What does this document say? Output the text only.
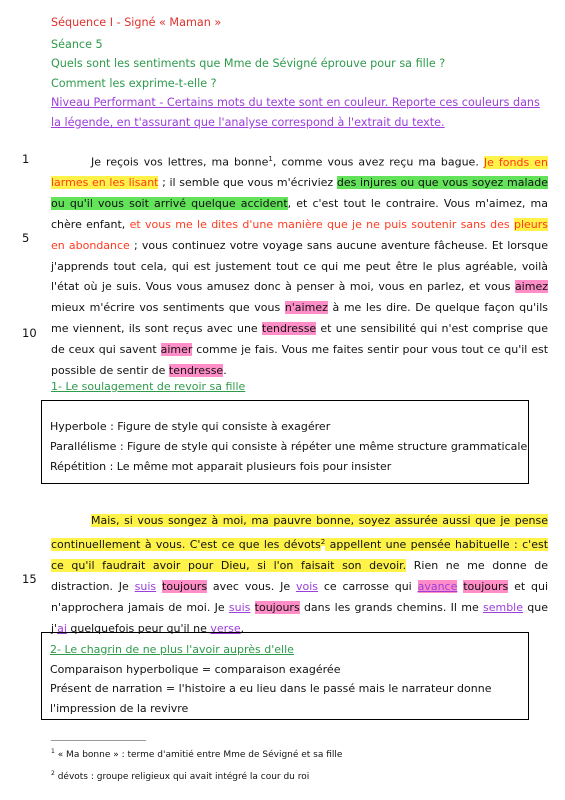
Séquence I - Signé « Maman »
Séance 5
Quels sont les sentiments que Mme de Sévigné éprouve pour sa fille ?
Comment les exprime-t-elle ?
Niveau Performant - Certains mots du texte sont en couleur. Reporte ces couleurs dans
la légende, en t'assurant que l'analyse correspond à l'extrait du texte.
1
5
10
15

Je reçois vos lettres, ma bonne$^1$, comme vous avez reçu ma bague. Je fonds en larmes en les lisant ; il semble que vous m'écriviez des injures ou que vous soyez malade ou qu'il vous soit arrivé quelque accident, et c'est tout le contraire. Vous m'aimez, ma chère enfant, et vous me le dites d'une manière que je ne puis soutenir sans des pleurs en abondance ; vous continuez votre voyage sans aucune aventure fâcheuse. Et lorsque j'apprends tout cela, qui est justement tout ce qui me peut être le plus agréable, voilà l'état où je suis. Vous vous amusez donc à penser à moi, vous en parlez, et vous aimez mieux m'écrire vos sentiments que vous n'aimez à me les dire. De quelque façon qu'ils me viennent, ils sont reçus avec une tendresse et une sensibilité qui n'est comprise que de ceux qui savent aimer comme je fais. Vous me faites sentir pour vous tout ce qu'il est possible de sentir de tendresse.

1- Le soulagement de revoir sa fille
Hyperbole : Figure de style qui consiste à exagérer
Parallélisme : Figure de style qui consiste à répéter une même structure grammaticale
Répétition : Le même mot apparait plusieurs fois pour insister

Mais, si vous songez à moi, ma pauvre bonne, soyez assurée aussi que je pense continuellement à vous. C'est ce que les dévots$^2$ appellent une pensée habituelle : c'est ce qu'il faudrait avoir pour Dieu, si l'on faisait son devoir. Rien ne me donne de distraction. Je suis toujours avec vous. Je vois ce carrosse qui avance toujours et qui n'approchera jamais de moi. Je suis toujours dans les grands chemins. Il me semble que j'ai quelquefois peur qu'il ne verse.

2- Le chagrin de ne plus l'avoir auprès d'elle
Comparaison hyperbolique = comparaison exagérée
Présent de narration = l'histoire a eu lieu dans le passé mais le narrateur donne
l'impression de la revivre
$^1$ « Ma bonne » : terme d'amitié entre Mme de Sévigné et sa fille
$^2$ dévots : groupe religieux qui avait intégré la cour du roi
